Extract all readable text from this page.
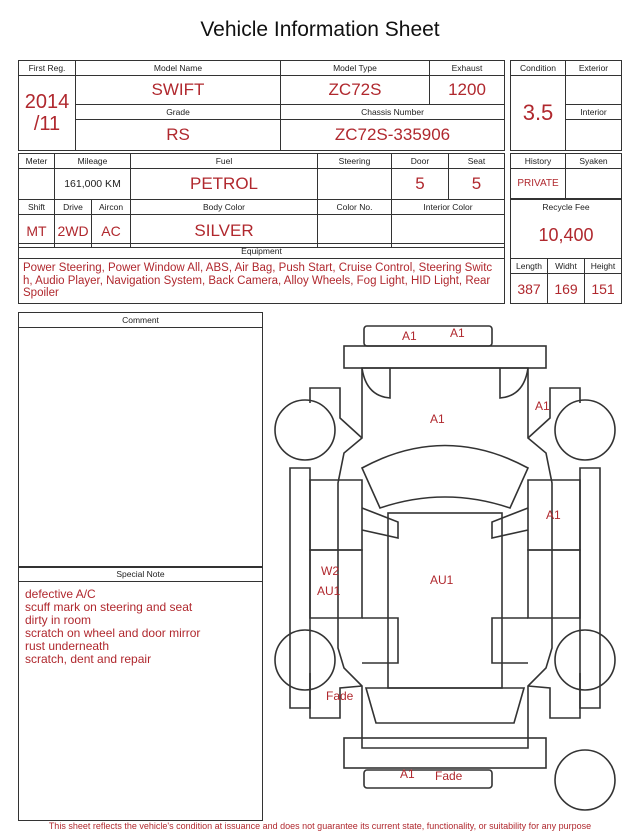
Vehicle Information Sheet
First Reg.	Model Name	Model Type	Exhaust

2014
/11	SWIFT	ZC72S	1200
	Grade	Chassis Number	
	RS	ZC72S-335906	
Condition	Exterior
3.5	
	Interior

Meter	Mileage	Fuel	Steering	Door	Seat
	161,000 KM	PETROL		5	5
Shift	Drive Aircon	Body Color	Color No.	Interior Color	
MT	2WD AC	SILVER			
Equipment
Power Steering, Power Window All, ABS, Air Bag, Push Start, Cruise Control, Steering Switch, Audio Player, Navigation System, Back Camera, Alloy Wheels, Fog Light, HID Light, Rear Spoiler
History	Syaken
PRIVATE	
Recycle Fee
10,400
Length	Widht	Height
387	169	151
Comment
Special Note
defective A/C
scuff mark on steering and seat
dirty in room
scratch on wheel and door mirror
rust underneath
scratch, dent and repair
A1	A1
A1
A1
A1
AU1
W2
AU1
Fade
A1 Fade
This sheet reflects the vehicle's condition at issuance and does not guarantee its current state, functionality, or suitability for any purpose
